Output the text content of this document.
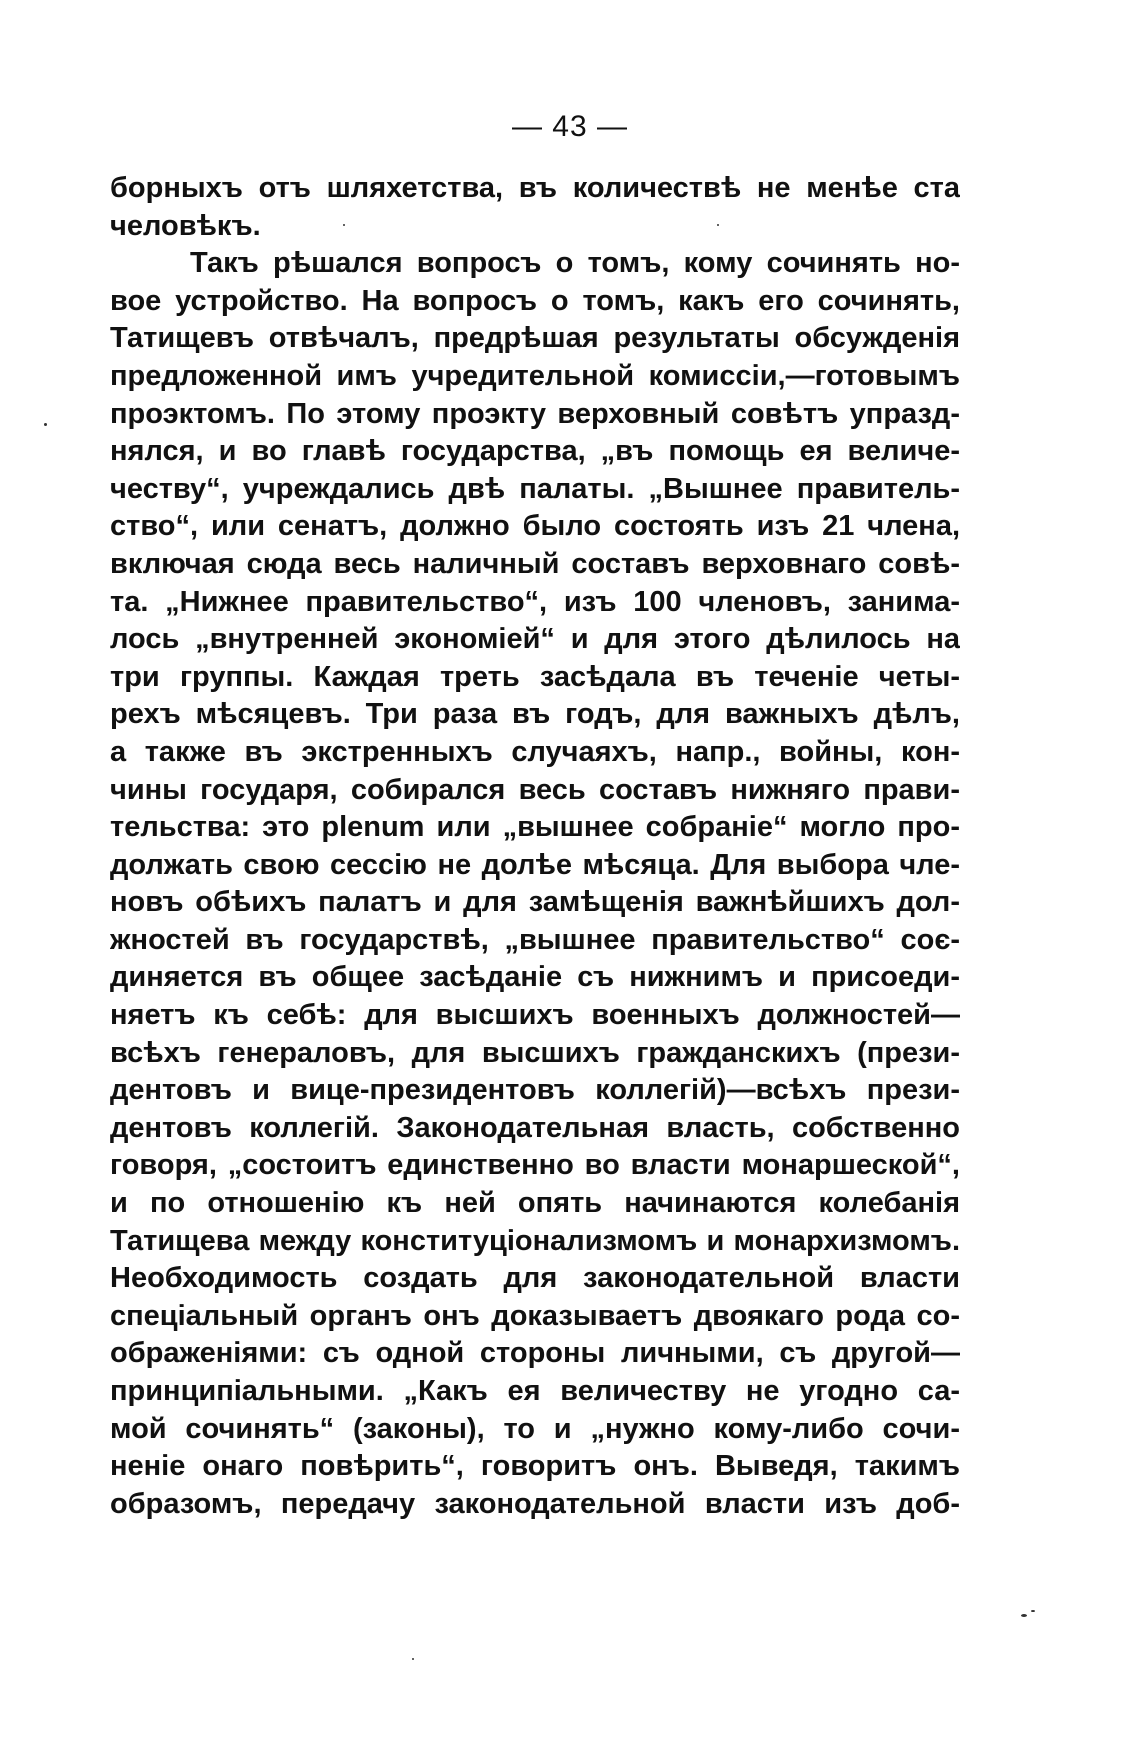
— 43 —
борныхъ отъ шляхетства, въ количествѣ не менѣе ста
человѣкъ.
Такъ рѣшался вопросъ о томъ, кому сочинять но-
вое устройство. На вопросъ о томъ, какъ его сочинять,
Татищевъ отвѣчалъ, предрѣшая результаты обсужденія
предложенной имъ учредительной комиссіи,—готовымъ
проэктомъ. По этому проэкту верховный совѣтъ упразд-
нялся, и во главѣ государства, „въ помощь ея величе-
честву“, учреждались двѣ палаты. „Вышнее правитель-
ство“, или сенатъ, должно было состоять изъ 21 члена,
включая сюда весь наличный составъ верховнаго совѣ-
та. „Нижнее правительство“, изъ 100 членовъ, занима-
лось „внутренней экономіей“ и для этого дѣлилось на
три группы. Каждая треть засѣдала въ теченіе четы-
рехъ мѣсяцевъ. Три раза въ годъ, для важныхъ дѣлъ,
а также въ экстренныхъ случаяхъ, напр., войны, кон-
чины государя, собирался весь составъ нижняго прави-
тельства: это plenum или „вышнее собраніе“ могло про-
должать свою сессію не долѣе мѣсяца. Для выбора чле-
новъ обѣихъ палатъ и для замѣщенія важнѣйшихъ дол-
жностей въ государствѣ, „вышнее правительство“ соє-
диняется въ общее засѣданіе съ нижнимъ и присоеди-
няетъ къ себѣ: для высшихъ военныхъ должностей—
всѣхъ генераловъ, для высшихъ гражданскихъ (прези-
дентовъ и вице-президентовъ коллегій)—всѣхъ прези-
дентовъ коллегій. Законодательная власть, собственно
говоря, „состоитъ единственно во власти монаршеской“,
и по отношенію къ ней опять начинаются колебанія
Татищева между конституціонализмомъ и монархизмомъ.
Необходимость создать для законодательной власти
спеціальный органъ онъ доказываетъ двоякаго рода со-
ображеніями: съ одной стороны личными, съ другой—
принципіальными. „Какъ ея величеству не угодно са-
мой сочинять“ (законы), то и „нужно кому-либо сочи-
неніе онаго повѣрить“, говоритъ онъ. Выведя, такимъ
образомъ, передачу законодательной власти изъ доб-
